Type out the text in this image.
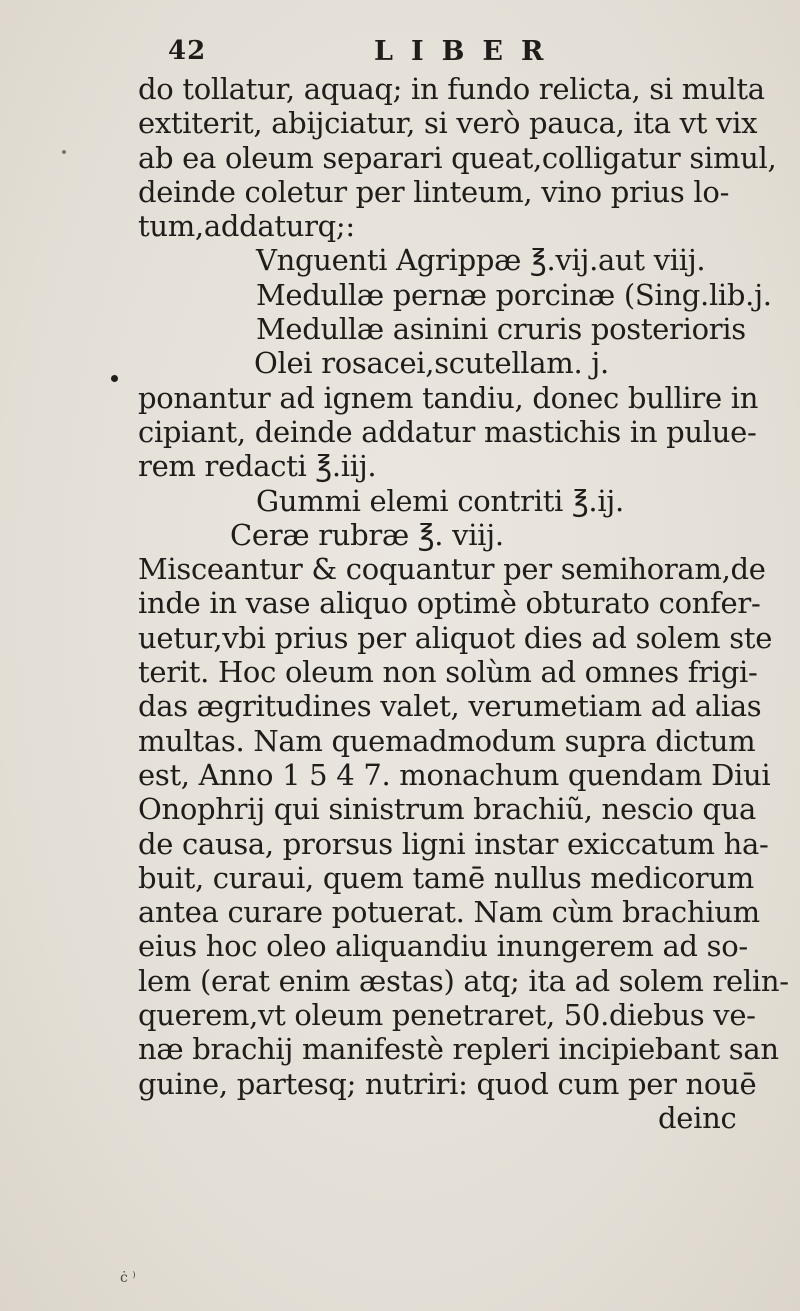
42	LIBER
do tollatur, aquaq; in fundo relicta, si multa
extiterit, abijciatur, si verò pauca, ita vt vix
ab ea oleum separari queat,colligatur simul,
deinde coletur per linteum, vino prius lo-
tum,addaturq;:
Vnguenti Agrippæ ℥.vij.aut viij.
Medullæ pernæ porcinæ (Sing.lib.j.
Medullæ asinini cruris posterioris
Olei rosacei,scutellam. j.
ponantur ad ignem tandiu, donec bullire in
cipiant, deinde addatur mastichis in pulue-
rem redacti ℥.iij.
Gummi elemi contriti ℥.ij.
Ceræ rubræ ℥. viij.
Misceantur & coquantur per semihoram,de
inde in vase aliquo optimè obturato confer-
uetur,vbi prius per aliquot dies ad solem ste
terit. Hoc oleum non solùm ad omnes frigi-
das ægritudines valet, verumetiam ad alias
multas. Nam quemadmodum supra dictum
est, Anno 1 5 4 7. monachum quendam Diui
Onophrij qui sinistrum brachiũ, nescio qua
de causa, prorsus ligni instar exiccatum ha-
buit, curaui, quem tamē nullus medicorum
antea curare potuerat. Nam cùm brachium
eius hoc oleo aliquandiu inungerem ad so-
lem (erat enim æstas) atq; ita ad solem relin-
querem,vt oleum penetraret, 50.diebus ve-
næ brachij manifestè repleri incipiebant san
guine, partesq; nutriri: quod cum per nouē
deinc
ċ ⁾
